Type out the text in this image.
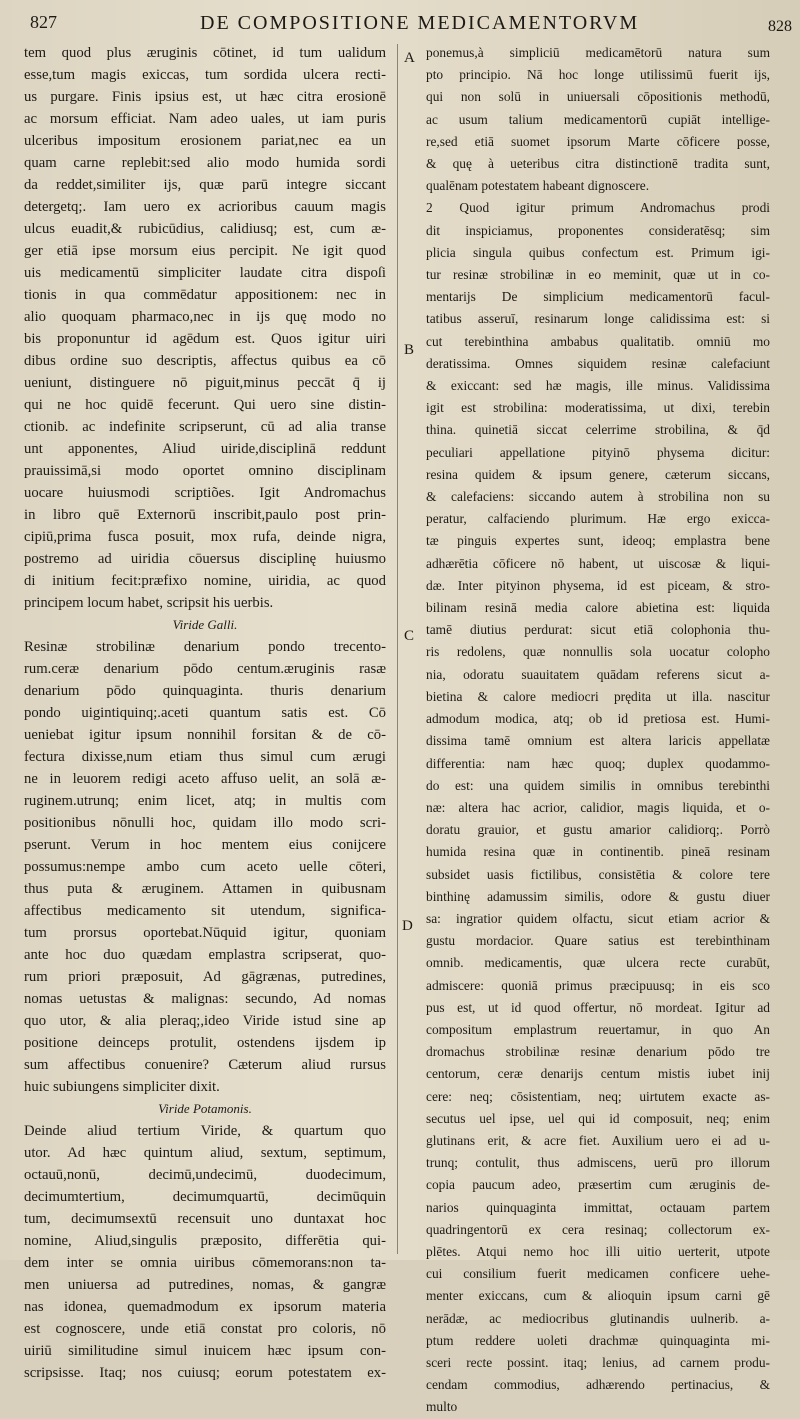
827	DE COMPOSITIONE MEDICAMENTORVM	828
A
B
C
D
tem quod plus æruginis cōtinet, id tum ualidum
esse,tum magis exiccas, tum sordida ulcera recti-
us purgare. Finis ipsius est, ut hæc citra erosionē
ac morsum efficiat. Nam adeo uales, ut iam puris
ulceribus impositum erosionem pariat,nec ea un
quam carne replebit:sed alio modo humida sordi
da reddet,similiter ijs, quæ parū integre siccant
detergetq;. Iam uero ex acrioribus cauum magis
ulcus euadit,& rubicūdius, calidiusq; est, cum æ-
ger etiā ipse morsum eius percipit. Ne igit quod
uis medicamentū simpliciter laudate citra dispoſi
tionis in qua commēdatur appositionem: nec in
alio quoquam pharmaco,nec in ijs quę modo no
bis proponuntur id agēdum est. Quos igitur uiri
dibus ordine suo descriptis, affectus quibus ea cō
ueniunt, distinguere nō piguit,minus peccāt q̄ ij
qui ne hoc quidē fecerunt. Qui uero sine distin-
ctionib. ac indefinite scripserunt, cū ad alia transe
unt apponentes, Aliud uiride,disciplinā reddunt
prauissimā,si modo oportet omnino disciplinam
uocare huiusmodi scriptiões. Igit Andromachus
in libro quē Externorū inscribit,paulo post prin-
cipiū,prima fusca posuit, mox rufa, deinde nigra,
postremo ad uiridia cōuersus disciplinę huiusmo
di initium fecit:præfixo nomine, uiridia, ac quod
principem locum habet, scripsit his uerbis.
Viride Galli.
Resinæ strobilinæ denarium pondo trecento-
rum.ceræ denarium pōdo centum.æruginis rasæ
denarium pōdo quinquaginta. thuris denarium
pondo uigintiquinq;.aceti quantum satis est. Cō
ueniebat igitur ipsum nonnihil forsitan & de cō-
fectura dixisse,num etiam thus simul cum ærugi
ne in leuorem redigi aceto affuso uelit, an solā æ-
ruginem.utrunq; enim licet, atq; in multis com
positionibus nōnulli hoc, quidam illo modo scri-
pserunt. Verum in hoc mentem eius conijcere
possumus:nempe ambo cum aceto uelle cōteri,
thus puta & æruginem. Attamen in quibusnam
affectibus medicamento sit utendum, significa-
tum prorsus oportebat.Nūquid igitur, quoniam
ante hoc duo quædam emplastra scripserat, quo-
rum priori præposuit, Ad gāgrænas, putredines,
nomas uetustas & malignas: secundo, Ad nomas
quo utor, & alia pleraq;,ideo Viride istud sine ap
positione deinceps protulit, ostendens ijsdem ip
sum affectibus conuenire? Cæterum aliud rursus
huic subiungens simpliciter dixit.
Viride Potamonis.
Deinde aliud tertium Viride, & quartum quo
utor. Ad hæc quintum aliud, sextum, septimum,
octauū,nonū, decimū,undecimū, duodecimum,
decimumtertium, decimumquartū, decimūquin
tum, decimumsextū recensuit uno duntaxat hoc
nomine, Aliud,singulis præposito, differētia qui-
dem inter se omnia uiribus cōmemorans:non ta-
men uniuersa ad putredines, nomas, & gangræ
nas idonea, quemadmodum ex ipsorum materia
est cognoscere, unde etiā constat pro coloris, nō
uiriū similitudine simul inuicem hæc ipsum con-
scripsisse. Itaq; nos cuiusq; eorum potestatem ex-
ponemus,à simpliciū medicamētorū natura sum
pto principio. Nā hoc longe utilissimū fuerit ijs,
qui non solū in uniuersali cōpositionis methodū,
ac usum talium medicamentorū cupiāt intellige-
re,sed etiā suomet ipsorum Marte cōficere posse,
& quę à ueteribus citra distinctionē tradita sunt,
qualēnam potestatem habeant dignoscere.
2 Quod igitur primum Andromachus prodi
dit inspiciamus, proponentes consideratēsq; sim
plicia singula quibus confectum est. Primum igi-
tur resinæ strobilinæ in eo meminit, quæ ut in co-
mentarijs De simplicium medicamentorū facul-
tatibus asseruī, resinarum longe calidissima est: si
cut terebinthina ambabus qualitatib. omniū mo
deratissima. Omnes siquidem resinæ calefaciunt
& exiccant: sed hæ magis, ille minus. Validissima
igit est strobilina: moderatissima, ut dixi, terebin
thina. quinetiā siccat celerrime strobilina, & q̄d
peculiari appellatione pityinō physema dicitur:
resina quidem & ipsum genere, cæterum siccans,
& calefaciens: siccando autem à strobilina non su
peratur, calfaciendo plurimum. Hæ ergo exicca-
tæ pinguis expertes sunt, ideoq; emplastra bene
adhærētia cōficere nō habent, ut uiscosæ & liqui-
dæ. Inter pityinon physema, id est piceam, & stro-
bilinam resinā media calore abietina est: liquida
tamē diutius perdurat: sicut etiā colophonia thu-
ris redolens, quæ nonnullis sola uocatur colopho
nia, odoratu suauitatem quādam referens sicut a-
bietina & calore mediocri prędita ut illa. nascitur
admodum modica, atq; ob id pretiosa est. Humi-
dissima tamē omnium est altera laricis appellatæ
differentia: nam hæc quoq; duplex quodammo-
do est: una quidem similis in omnibus terebinthi
næ: altera hac acrior, calidior, magis liquida, et o-
doratu grauior, et gustu amarior calidiorq;. Porrò
humida resina quæ in continentib. pineā resinam
subsidet uasis fictilibus, consistētia & colore tere
binthinę adamussim similis, odore & gustu diuer
sa: ingratior quidem olfactu, sicut etiam acrior &
gustu mordacior. Quare satius est terebinthinam
omnib. medicamentis, quæ ulcera recte curabūt,
admiscere: quoniā primus præcipuusq; in eis sco
pus est, ut id quod offertur, nō mordeat. Igitur ad
compositum emplastrum reuertamur, in quo An
dromachus strobilinæ resinæ denarium pōdo tre
centorum, ceræ denarijs centum mistis iubet inij
cere: neq; cōsistentiam, neq; uirtutem exacte as-
secutus uel ipse, uel qui id composuit, neq; enim
glutinans erit, & acre fiet. Auxilium uero ei ad u-
trunq; contulit, thus admiscens, uerū pro illorum
copia paucum adeo, præsertim cum æruginis de-
narios quinquaginta immittat, octauam partem
quadringentorū ex cera resinaq; collectorum ex-
plētes. Atqui nemo hoc illi uitio uerterit, utpote
cui consilium fuerit medicamen conficere uehe-
menter exiccans, cum & alioquin ipsum carni gē
nerādæ, ac mediocribus glutinandis uulnerib. a-
ptum reddere uoleti drachmæ quinquaginta mi-
sceri recte possint. itaq; lenius, ad carnem produ-
cendam commodius, adhærendo pertinacius, &
multo
